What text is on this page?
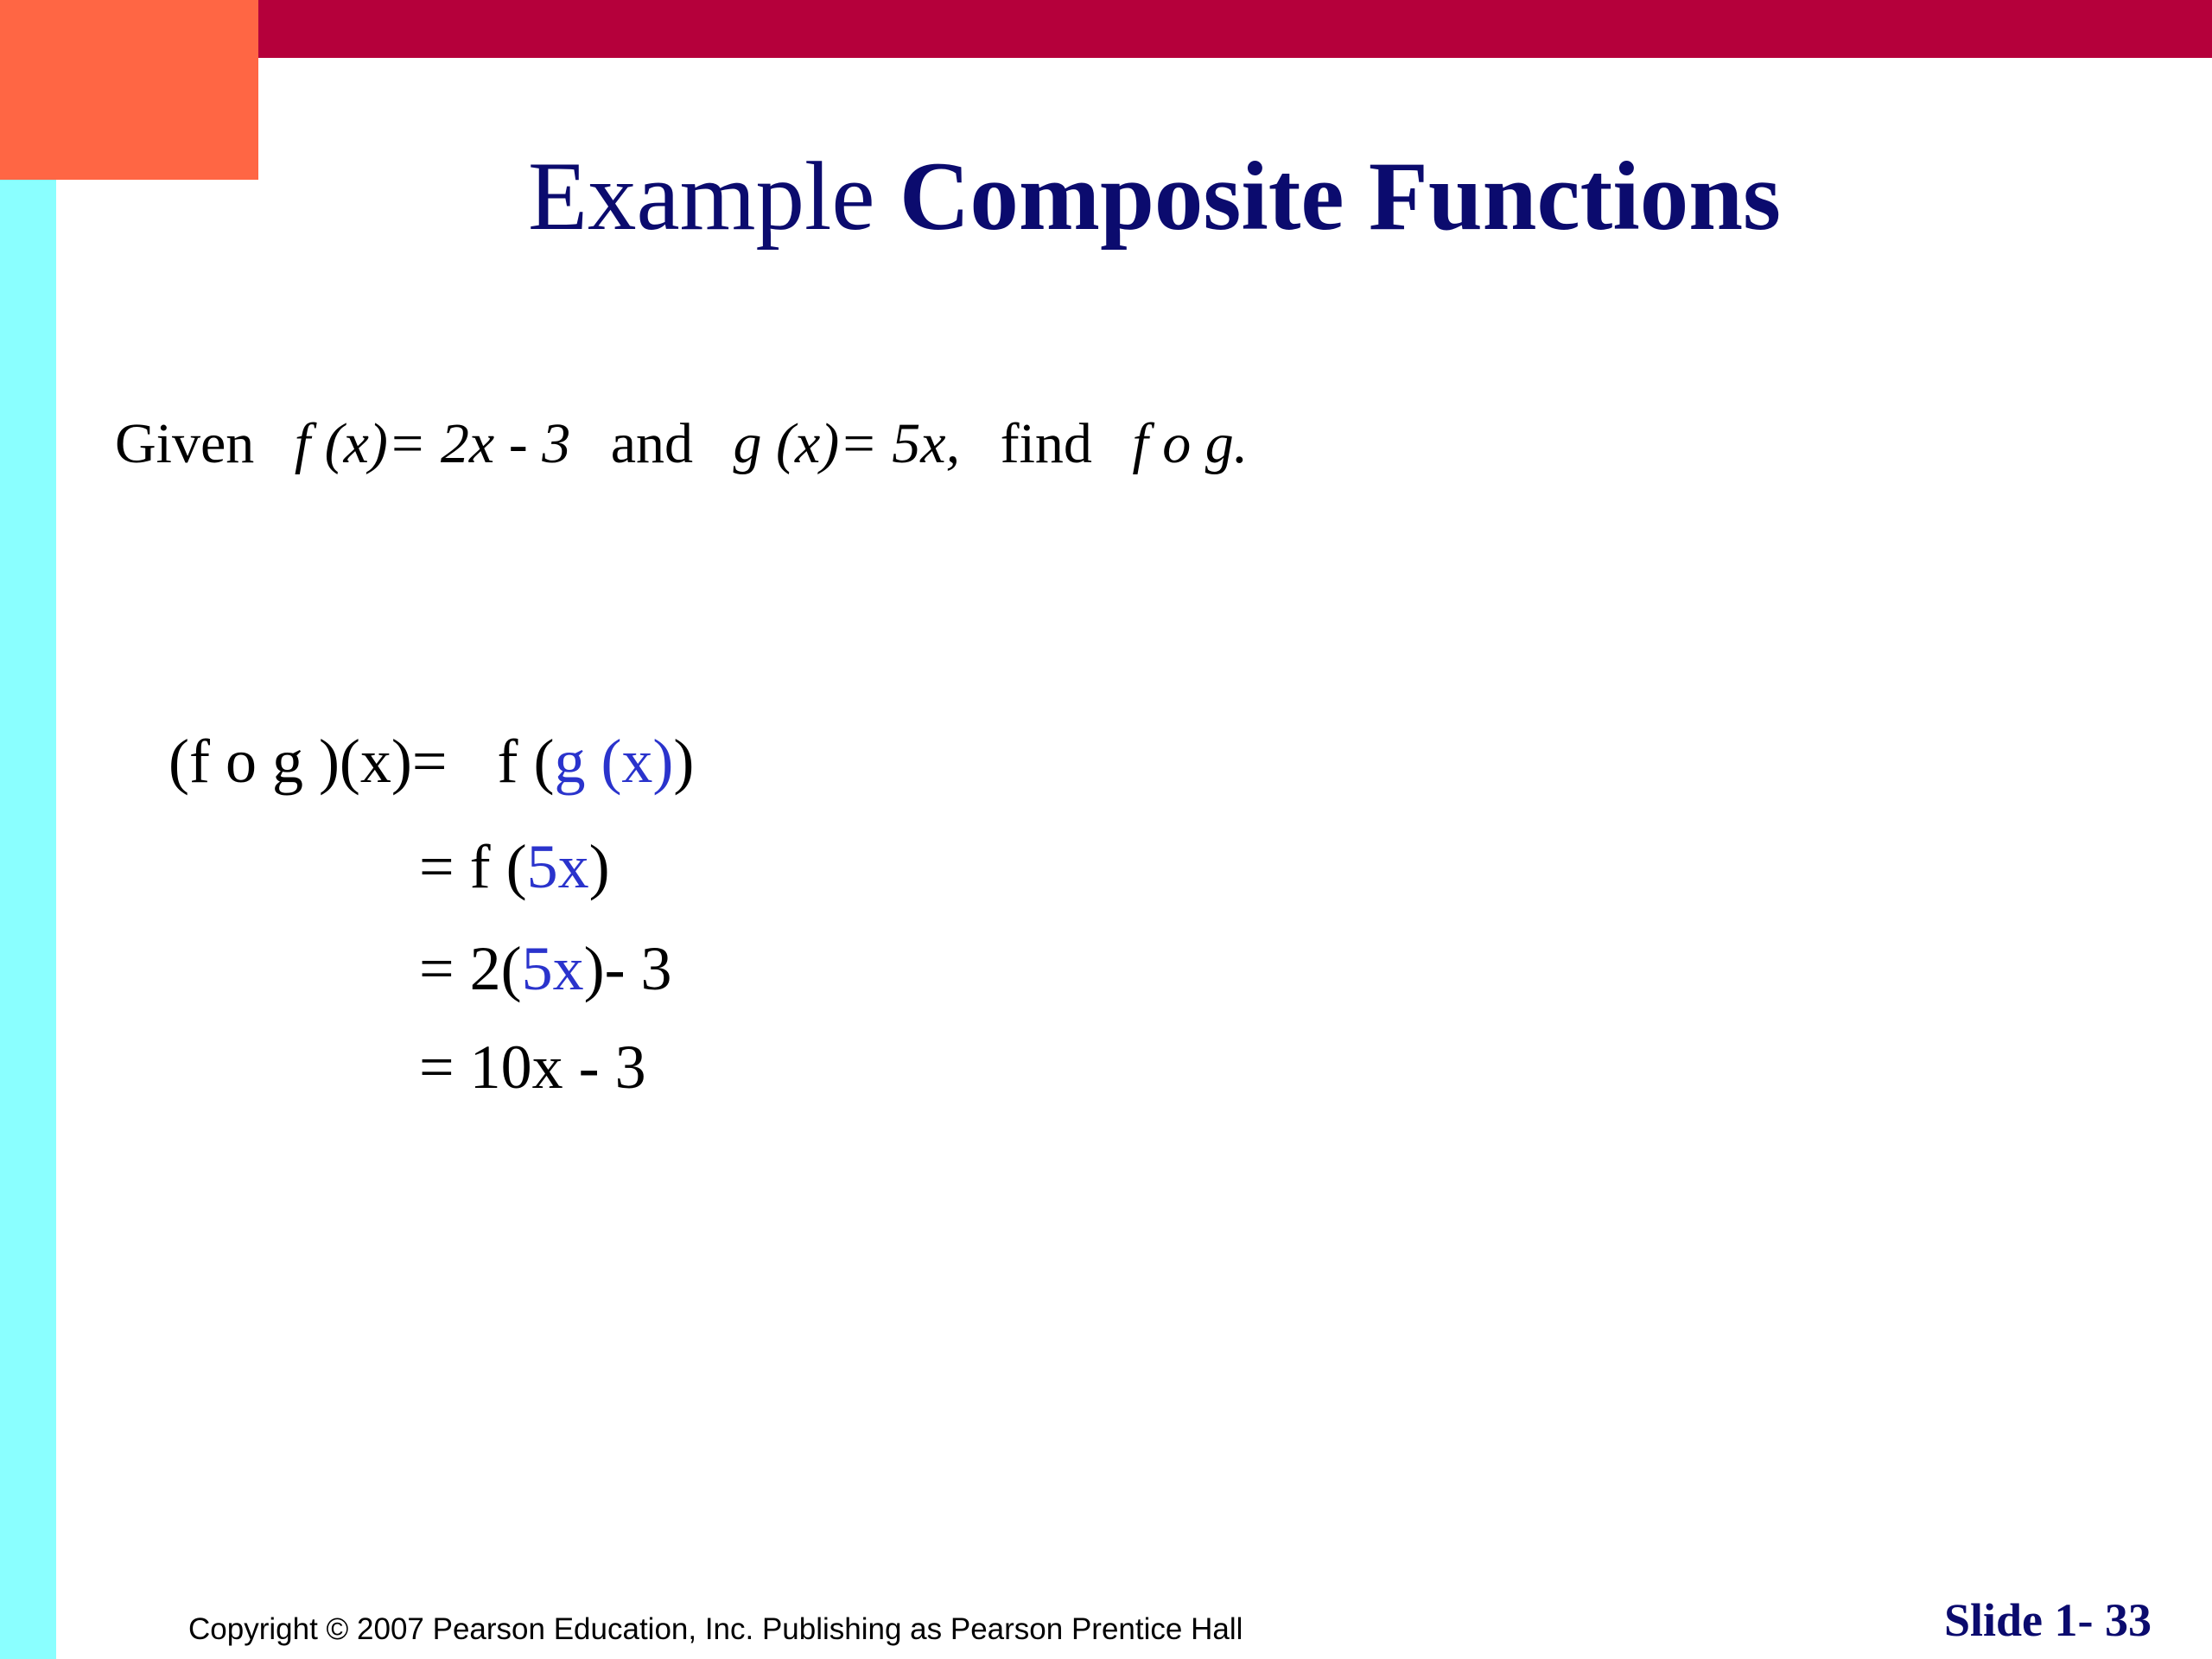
Example Composite Functions
Given f (x)= 2x - 3 and g (x)= 5x, find f o g.
(f o g )(x)= f (g (x))
= f (5x)
= 2(5x)- 3
= 10x - 3
Copyright © 2007 Pearson Education, Inc. Publishing as Pearson Prentice Hall	Slide 1- 33
